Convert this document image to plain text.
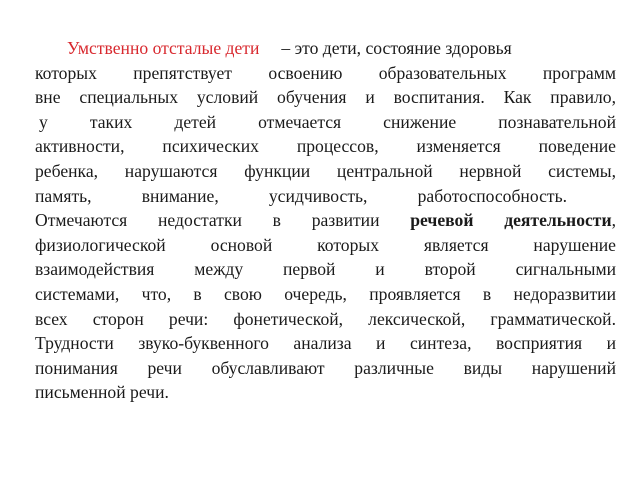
Умственно отсталые дети – это дети, состояние здоровья
которых препятствует освоению образовательных программ
вне специальных условий обучения и воспитания. Как правило,
у таких детей отмечается снижение познавательной
активности, психических процессов, изменяется поведение
ребенка, нарушаются функции центральной нервной системы,
память, внимание, усидчивость, работоспособность.
Отмечаются недостатки в развитии речевой деятельности,
физиологической основой которых является нарушение
взаимодействия между первой и второй сигнальными
системами, что, в свою очередь, проявляется в недоразвитии
всех сторон речи: фонетической, лексической, грамматической.
Трудности звуко-буквенного анализа и синтеза, восприятия и
понимания речи обуславливают различные виды нарушений
письменной речи.
